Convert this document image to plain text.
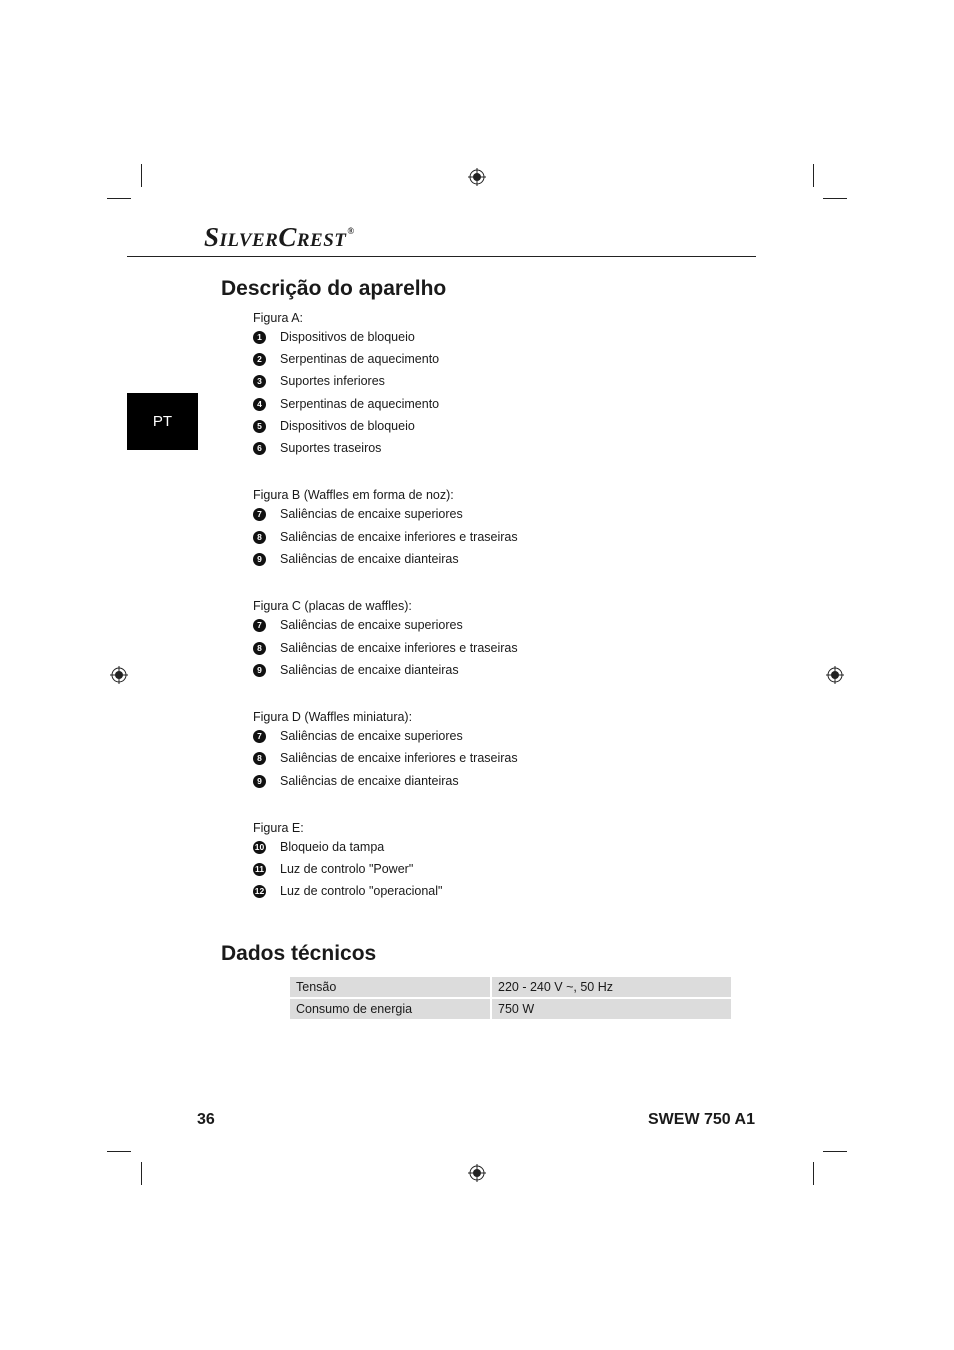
SILVERCREST®
PT
Descrição do aparelho
Figura A:
1	Dispositivos de bloqueio
2	Serpentinas de aquecimento
3	Suportes inferiores
4	Serpentinas de aquecimento
5	Dispositivos de bloqueio
6	Suportes traseiros
Figura B (Waffles em forma de noz):
7	Saliências de encaixe superiores
8	Saliências de encaixe inferiores e traseiras
9	Saliências de encaixe dianteiras
Figura C (placas de waffles):
7	Saliências de encaixe superiores
8	Saliências de encaixe inferiores e traseiras
9	Saliências de encaixe dianteiras
Figura D (Waffles miniatura):
7	Saliências de encaixe superiores
8	Saliências de encaixe inferiores e traseiras
9	Saliências de encaixe dianteiras
Figura E:
10 Bloqueio da tampa
11 Luz de controlo "Power"
12 Luz de controlo "operacional"
Dados técnicos
Tensão	220 - 240 V ~, 50 Hz
Consumo de energia	750 W
36	SWEW 750 A1
